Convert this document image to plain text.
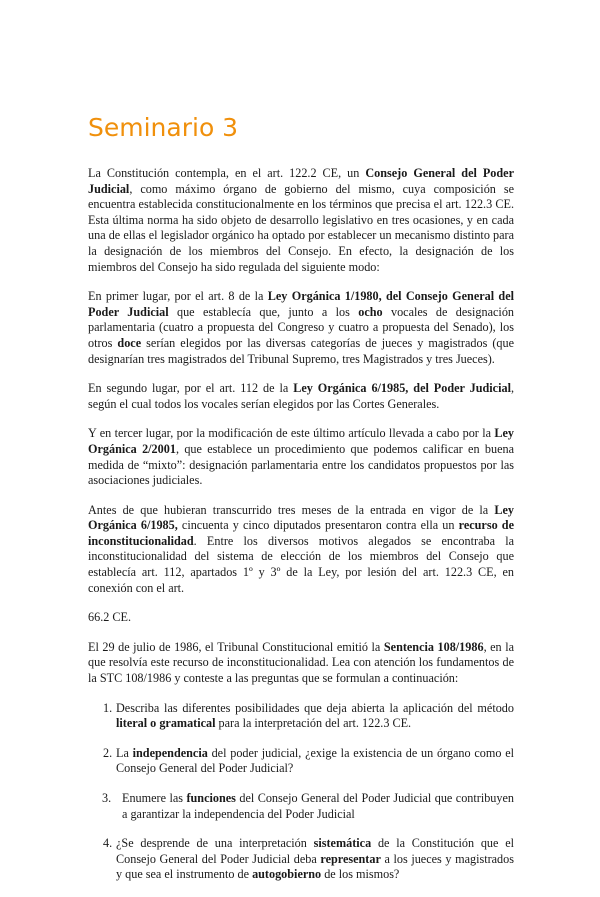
Seminario 3

La Constitución contempla, en el art. 122.2 CE, un Consejo General del Poder Judicial, como máximo órgano de gobierno del mismo, cuya composición se encuentra establecida constitucionalmente en los términos que precisa el art. 122.3 CE. Esta última norma ha sido objeto de desarrollo legislativo en tres ocasiones, y en cada una de ellas el legislador orgánico ha optado por establecer un mecanismo distinto para la designación de los miembros del Consejo. En efecto, la designación de los miembros del Consejo ha sido regulada del siguiente modo:

En primer lugar, por el art. 8 de la Ley Orgánica 1/1980, del Consejo General del Poder Judicial que establecía que, junto a los ocho vocales de designación parlamentaria (cuatro a propuesta del Congreso y cuatro a propuesta del Senado), los otros doce serían elegidos por las diversas categorías de jueces y magistrados (que designarían tres magistrados del Tribunal Supremo, tres Magistrados y tres Jueces).

En segundo lugar, por el art. 112 de la Ley Orgánica 6/1985, del Poder Judicial, según el cual todos los vocales serían elegidos por las Cortes Generales.

Y en tercer lugar, por la modificación de este último artículo llevada a cabo por la Ley Orgánica 2/2001, que establece un procedimiento que podemos calificar en buena medida de “mixto”: designación parlamentaria entre los candidatos propuestos por las asociaciones judiciales.

Antes de que hubieran transcurrido tres meses de la entrada en vigor de la Ley Orgánica 6/1985, cincuenta y cinco diputados presentaron contra ella un recurso de inconstitucionalidad. Entre los diversos motivos alegados se encontraba la inconstitucionalidad del sistema de elección de los miembros del Consejo que establecía art. 112, apartados 1º y 3º de la Ley, por lesión del art. 122.3 CE, en conexión con el art.

66.2 CE.

El 29 de julio de 1986, el Tribunal Constitucional emitió la Sentencia 108/1986, en la que resolvía este recurso de inconstitucionalidad. Lea con atención los fundamentos de la STC 108/1986 y conteste a las preguntas que se formulan a continuación:

1. Describa las diferentes posibilidades que deja abierta la aplicación del método literal o gramatical para la interpretación del art. 122.3 CE.
2. La independencia del poder judicial, ¿exige la existencia de un órgano como el Consejo General del Poder Judicial?
3. Enumere las funciones del Consejo General del Poder Judicial que contribuyen a garantizar la independencia del Poder Judicial
4. ¿Se desprende de una interpretación sistemática de la Constitución que el Consejo General del Poder Judicial deba representar a los jueces y magistrados y que sea el instrumento de autogobierno de los mismos?
